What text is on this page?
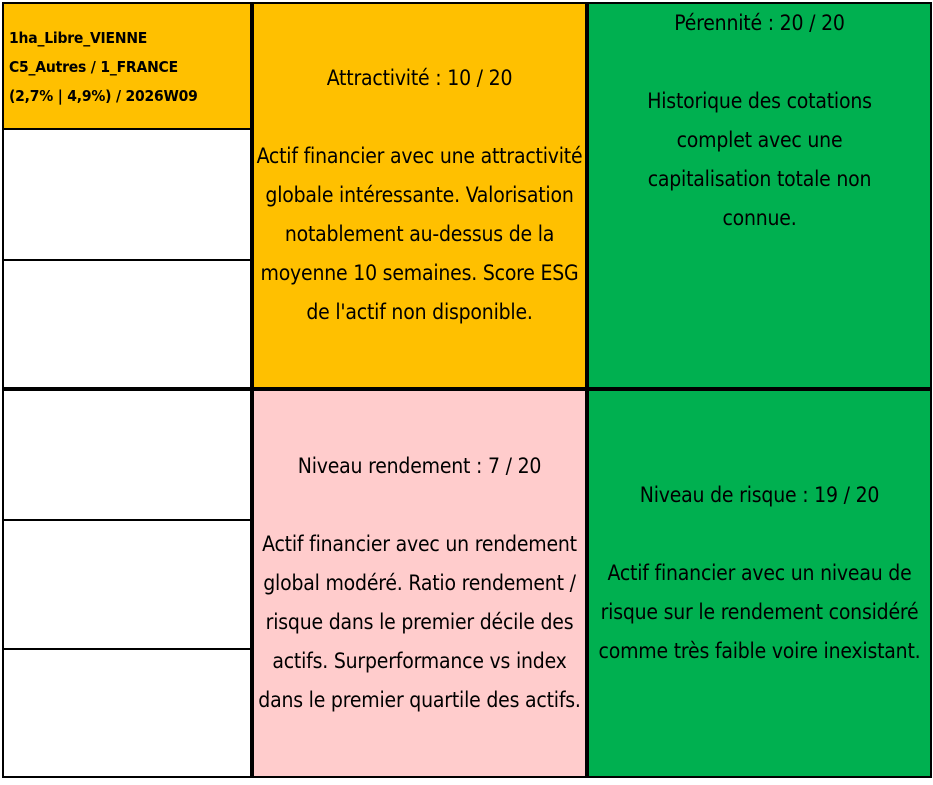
1ha_Libre_VIENNE
C5_Autres / 1_FRANCE
(2,7% | 4,9%) / 2026W09
Attractivité : 10 / 20
Actif financier avec une attractivité globale intéressante. Valorisation notablement au-dessus de la moyenne 10 semaines. Score ESG de l'actif non disponible.
Pérennité : 20 / 20
Historique des cotations complet avec une capitalisation totale non connue.
Niveau rendement : 7 / 20
Actif financier avec un rendement global modéré. Ratio rendement / risque dans le premier décile des actifs. Surperformance vs index dans le premier quartile des actifs.
Niveau de risque : 19 / 20
Actif financier avec un niveau de risque sur le rendement considéré comme très faible voire inexistant.
